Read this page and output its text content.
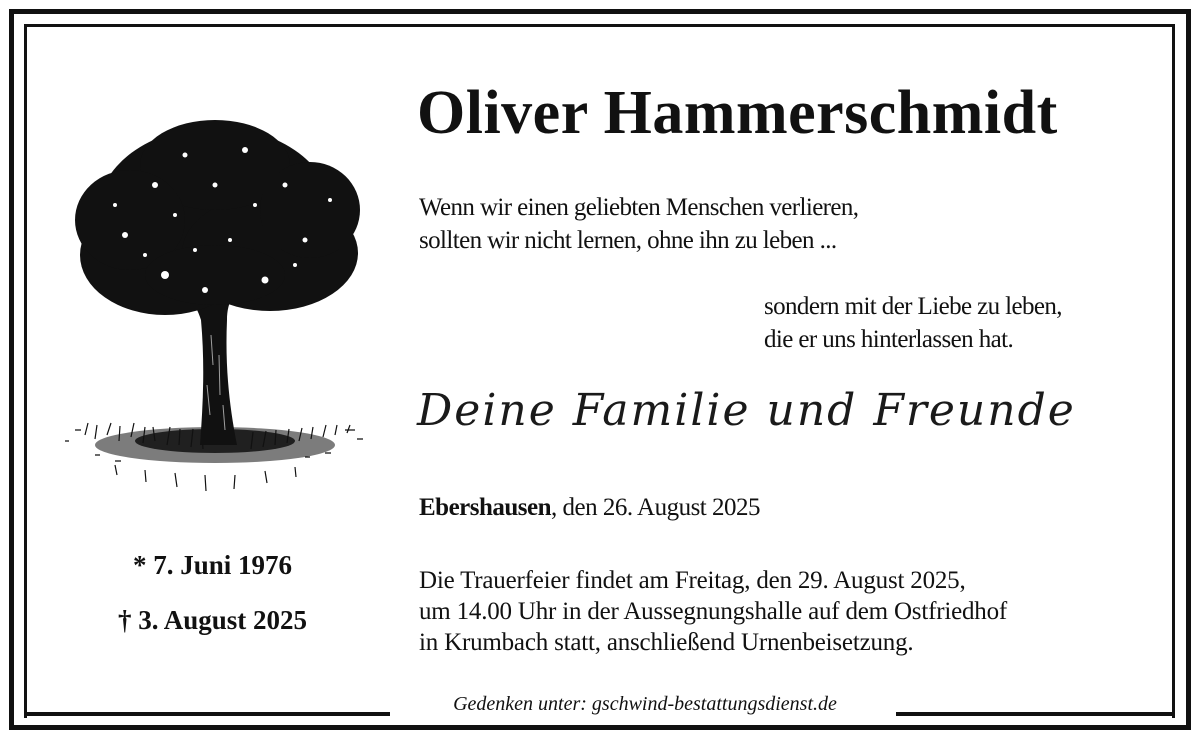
Oliver Hammerschmidt
Wenn wir einen geliebten Menschen verlieren,
sollten wir nicht lernen, ohne ihn zu leben ...
sondern mit der Liebe zu leben,
die er uns hinterlassen hat.
Deine Familie und Freunde
Ebershausen, den 26. August 2025
Die Trauerfeier findet am Freitag, den 29. August 2025,
um 14.00 Uhr in der Aussegnungshalle auf dem Ostfriedhof
in Krumbach statt, anschließend Urnenbeisetzung.
* 7. Juni 1976
† 3. August 2025
Gedenken unter: gschwind-bestattungsdienst.de
